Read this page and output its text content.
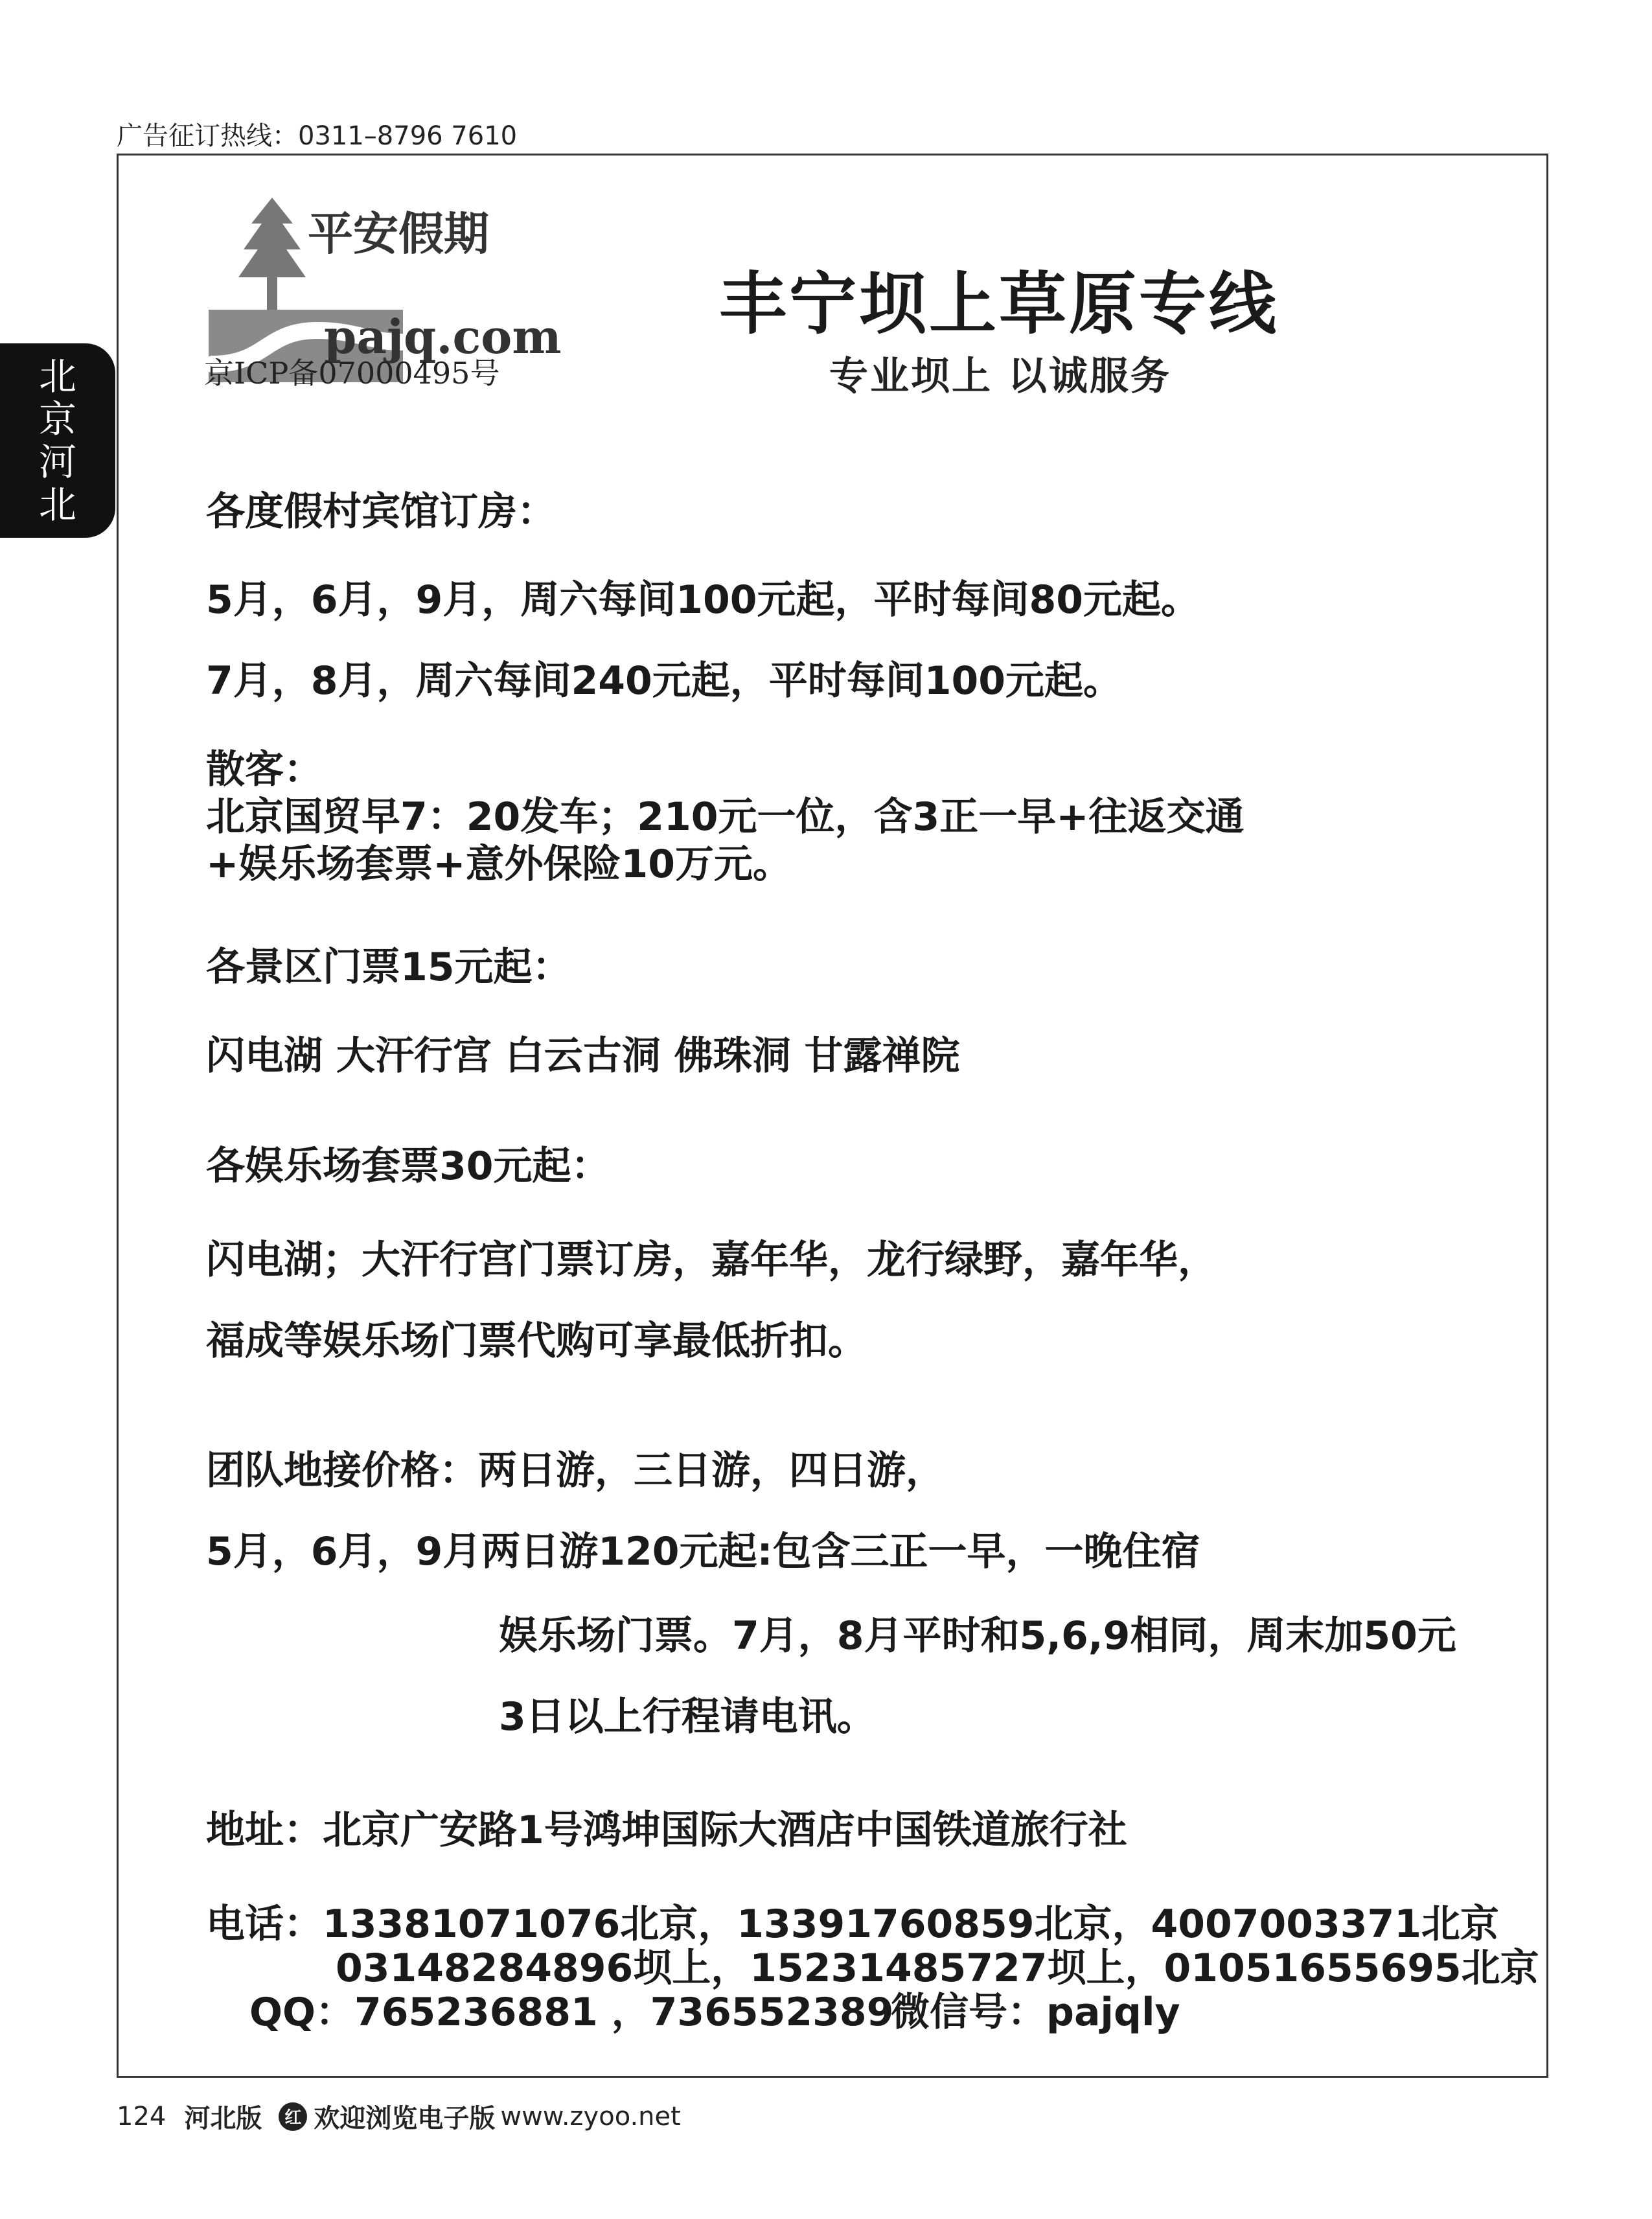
广告征订热线：0311–8796 7610
北
京
河
北
平安假期
pajq.com
京ICP备07000495号
丰宁坝上草原专线
专业坝上 以诚服务
各度假村宾馆订房：
5月，6月，9月，周六每间100元起，平时每间80元起。
7月，8月，周六每间240元起，平时每间100元起。
散客：
北京国贸早7：20发车；210元一位，含3正一早+往返交通
+娱乐场套票+意外保险10万元。
各景区门票15元起：
闪电湖 大汗行宫 白云古洞 佛珠洞 甘露禅院
各娱乐场套票30元起：
闪电湖；大汗行宫门票订房，嘉年华，龙行绿野，嘉年华，
福成等娱乐场门票代购可享最低折扣。
团队地接价格：两日游，三日游，四日游，
5月，6月，9月两日游120元起:包含三正一早，一晚住宿
娱乐场门票。7月，8月平时和5,6,9相同，周末加50元
3日以上行程请电讯。
地址：北京广安路1号鸿坤国际大酒店中国铁道旅行社
电话：13381071076北京，13391760859北京，4007003371北京
03148284896坝上，15231485727坝上，01051655695北京
QQ：765236881 ，736552389
微信号：pajqly
124 河北版	红 欢迎浏览电子版 www.zyoo.net
